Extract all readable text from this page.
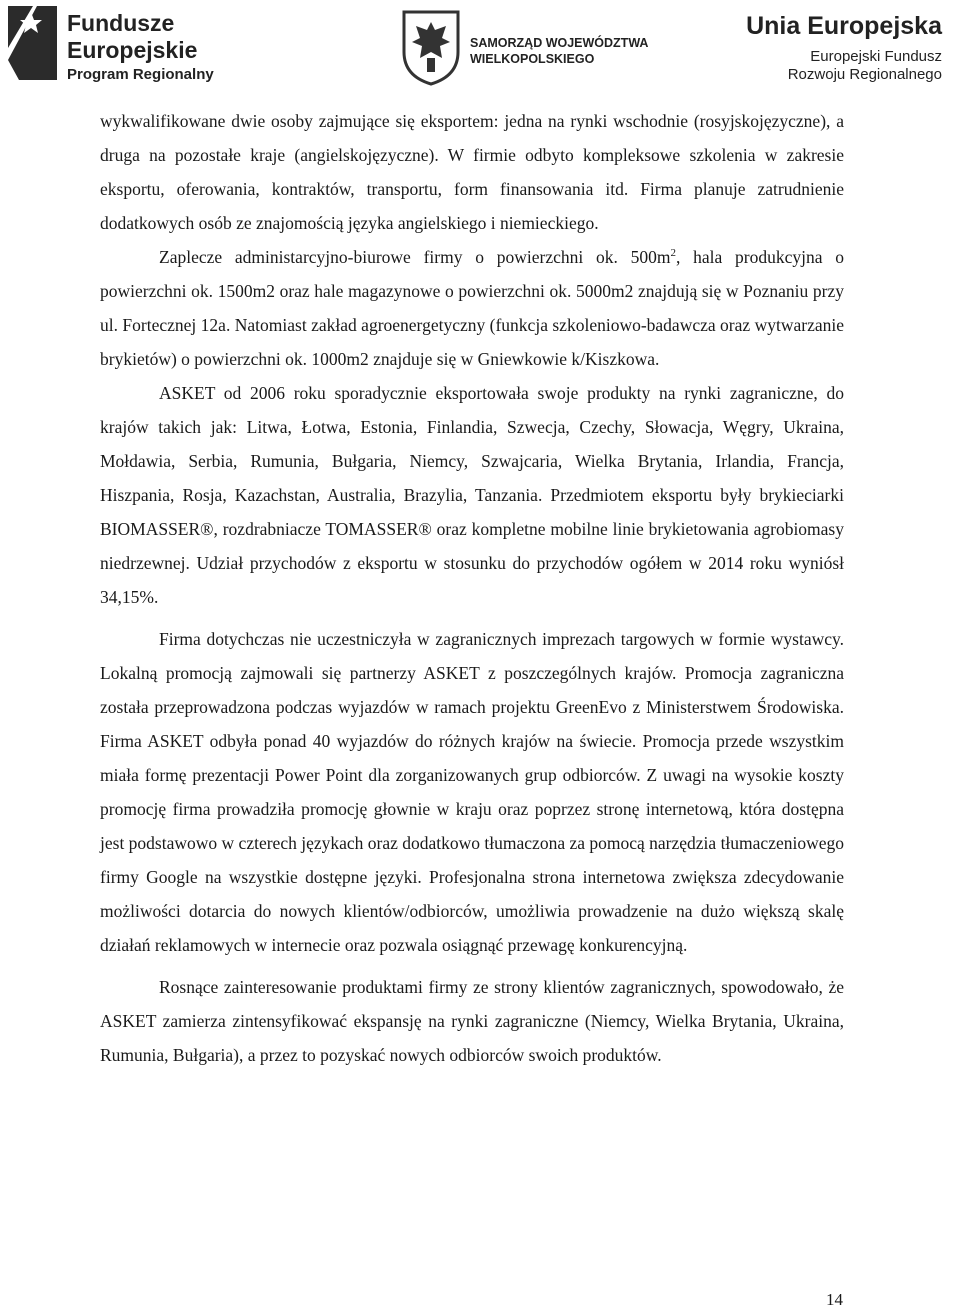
Fundusze
Europejskie
Program Regionalny
SAMORZĄD WOJEWÓDZTWA
WIELKOPOLSKIEGO
Unia Europejska
Europejski Fundusz
Rozwoju Regionalnego

wykwalifikowane dwie osoby zajmujące się eksportem: jedna na rynki wschodnie (rosyjskojęzyczne), a druga na pozostałe kraje (angielskojęzyczne). W firmie odbyto kompleksowe szkolenia w zakresie eksportu, oferowania, kontraktów, transportu, form finansowania itd. Firma planuje zatrudnienie dodatkowych osób ze znajomością języka angielskiego i niemieckiego.

Zaplecze administarcyjno-biurowe firmy o powierzchni ok. $500m^2$, hala produkcyjna o powierzchni ok. 1500m2 oraz hale magazynowe o powierzchni ok. 5000m2 znajdują się w Poznaniu przy ul. Fortecznej 12a. Natomiast zakład agroenergetyczny (funkcja szkoleniowo-badawcza oraz wytwarzanie brykietów) o powierzchni ok. 1000m2 znajduje się w Gniewkowie k/Kiszkowa.

ASKET od 2006 roku sporadycznie eksportowała swoje produkty na rynki zagraniczne, do krajów takich jak: Litwa, Łotwa, Estonia, Finlandia, Szwecja, Czechy, Słowacja, Węgry, Ukraina, Mołdawia, Serbia, Rumunia, Bułgaria, Niemcy, Szwajcaria, Wielka Brytania, Irlandia, Francja, Hiszpania, Rosja, Kazachstan, Australia, Brazylia, Tanzania. Przedmiotem eksportu były brykieciarki BIOMASSER®, rozdrabniacze TOMASSER® oraz kompletne mobilne linie brykietowania agrobiomasy niedrzewnej. Udział przychodów z eksportu w stosunku do przychodów ogółem w 2014 roku wyniósł 34,15%.

Firma dotychczas nie uczestniczyła w zagranicznych imprezach targowych w formie wystawcy. Lokalną promocją zajmowali się partnerzy ASKET z poszczególnych krajów. Promocja zagraniczna została przeprowadzona podczas wyjazdów w ramach projektu GreenEvo z Ministerstwem Środowiska. Firma ASKET odbyła ponad 40 wyjazdów do różnych krajów na świecie. Promocja przede wszystkim miała formę prezentacji Power Point dla zorganizowanych grup odbiorców. Z uwagi na wysokie koszty promocję firma prowadziła promocję głownie w kraju oraz poprzez stronę internetową, która dostępna jest podstawowo w czterech językach oraz dodatkowo tłumaczona za pomocą narzędzia tłumaczeniowego firmy Google na wszystkie dostępne języki. Profesjonalna strona internetowa zwiększa zdecydowanie możliwości dotarcia do nowych klientów/odbiorców, umożliwia prowadzenie na dużo większą skalę działań reklamowych w internecie oraz pozwala osiągnąć przewagę konkurencyjną.

Rosnące zainteresowanie produktami firmy ze strony klientów zagranicznych, spowodowało, że ASKET zamierza zintensyfikować ekspansję na rynki zagraniczne (Niemcy, Wielka Brytania, Ukraina, Rumunia, Bułgaria), a przez to pozyskać nowych odbiorców swoich produktów.

14
